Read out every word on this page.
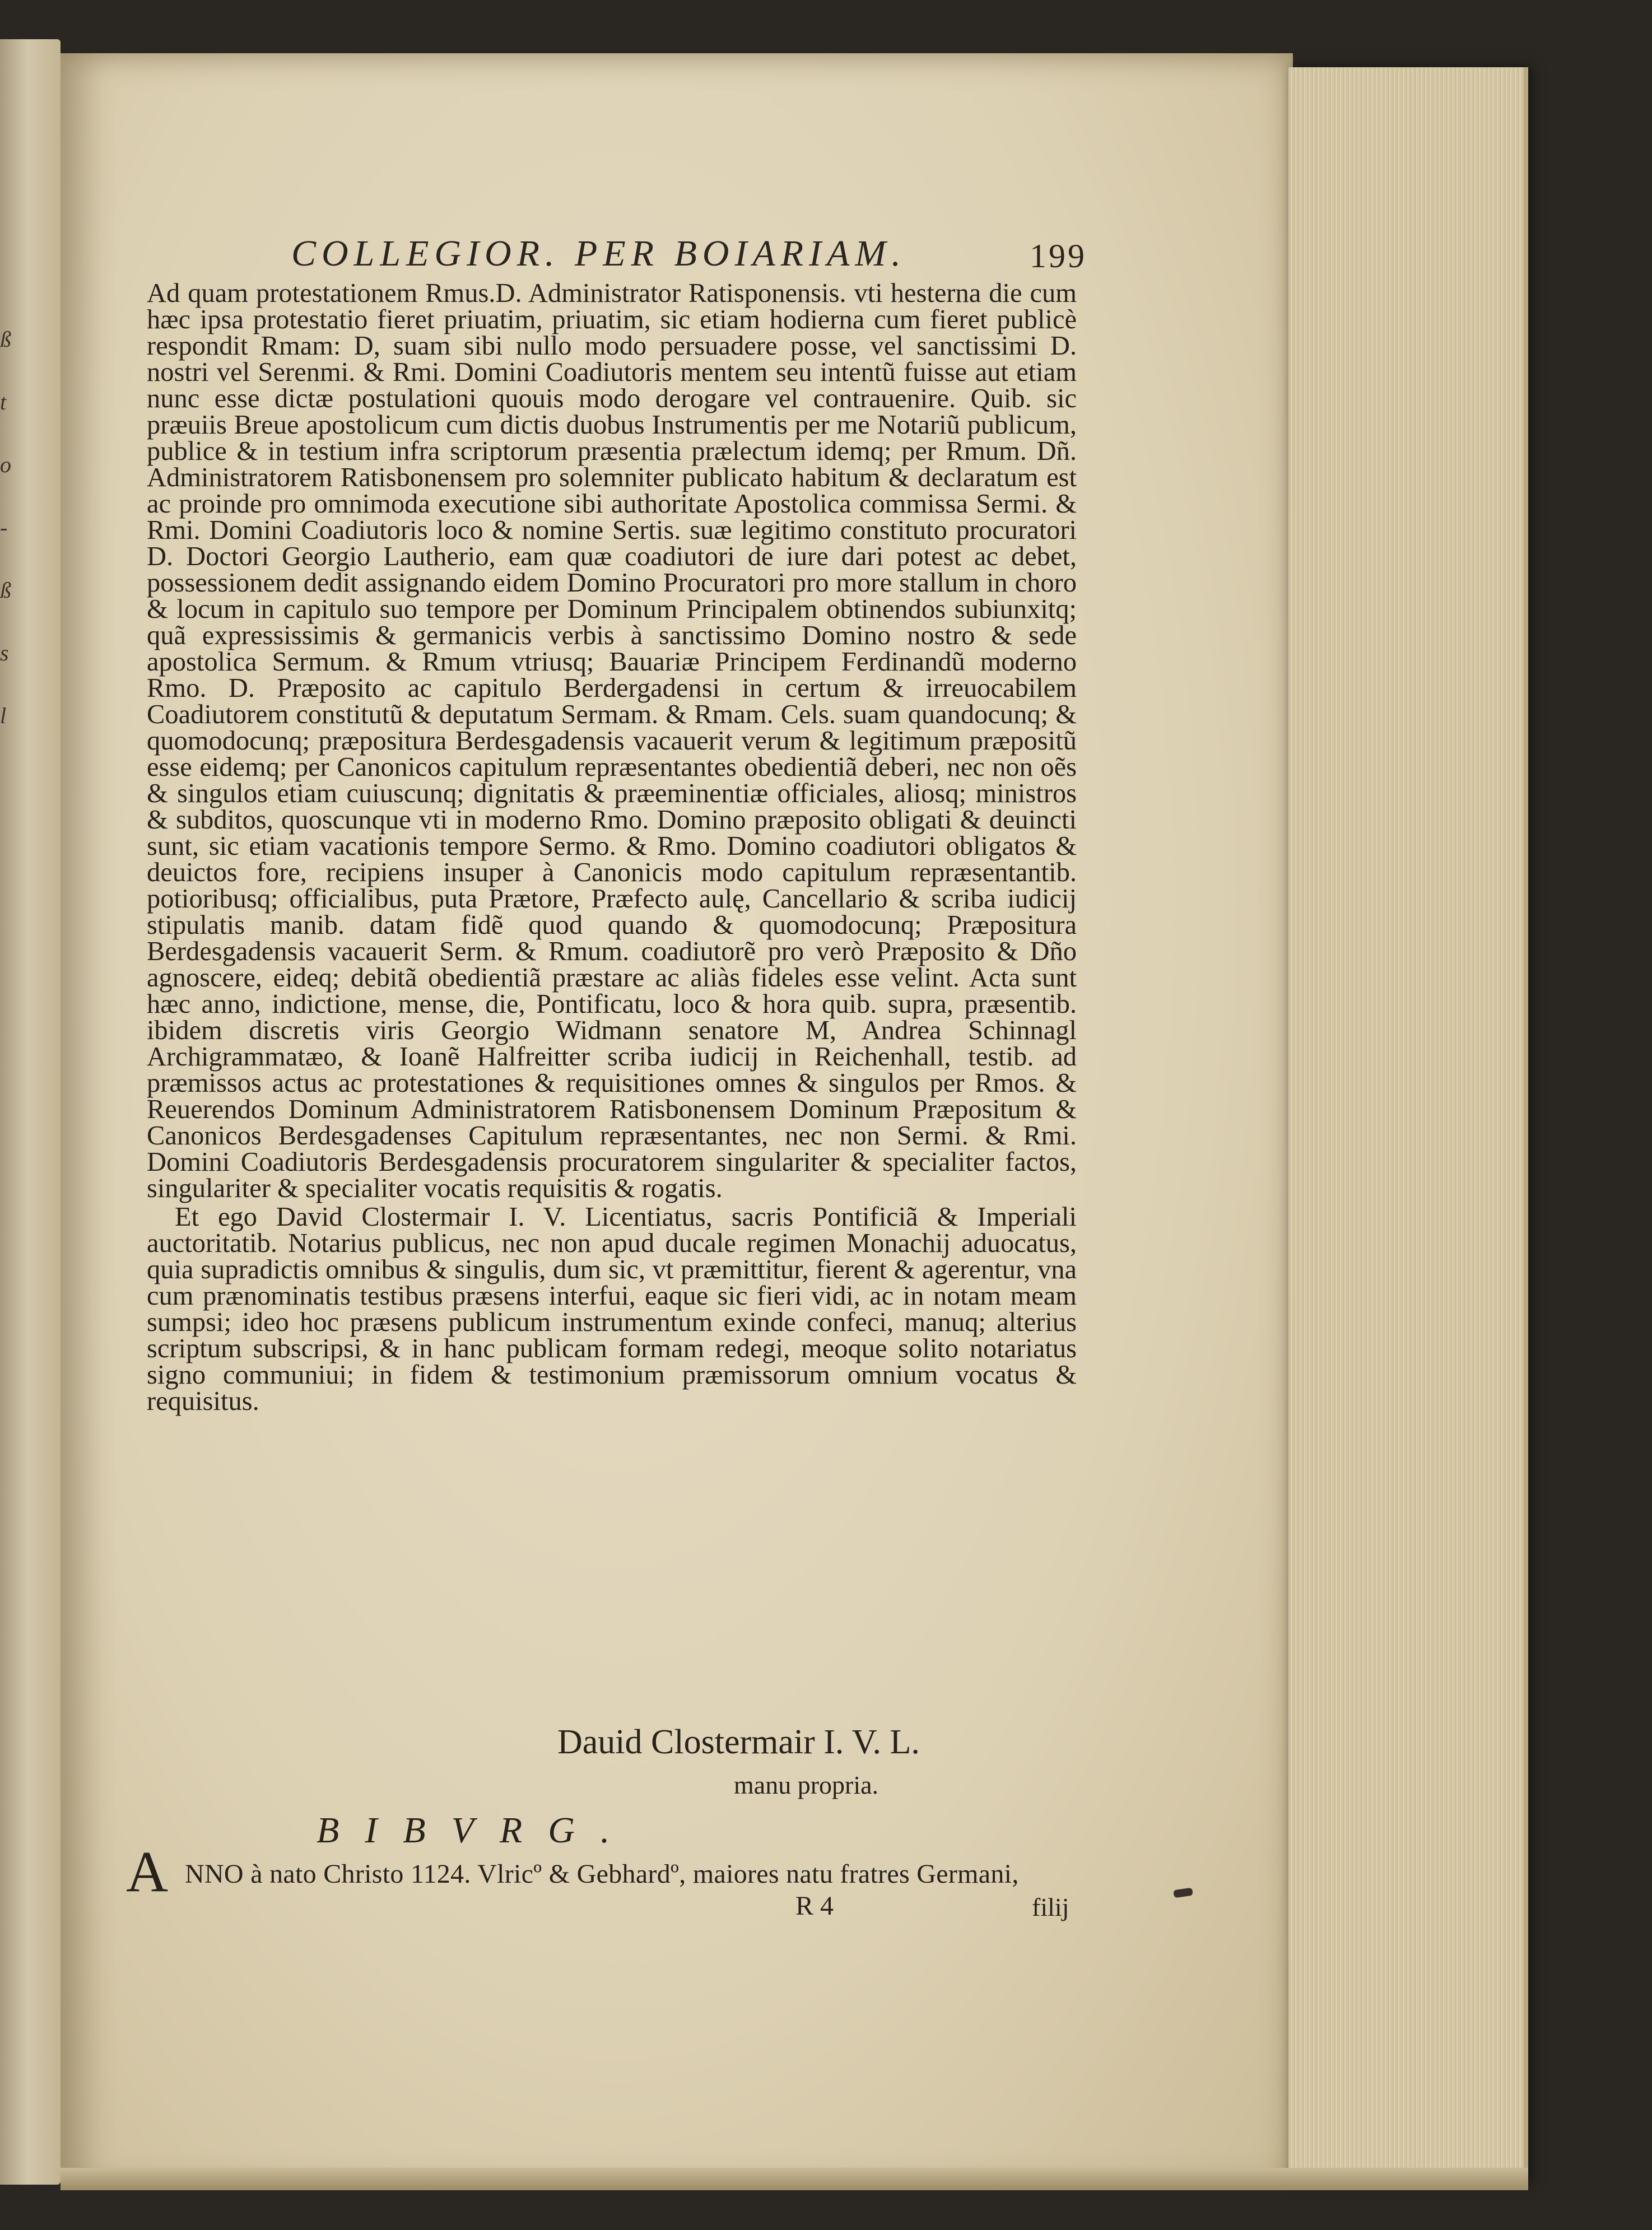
ß
t
o
-
ß
s
l
COLLEGIOR. PER BOIARIAM.	199

Ad quam protestationem Rmus.D. Administrator Ratisponensis. vti hesterna die cum hæc ipsa protestatio fieret priuatim, priuatim, sic etiam hodierna cum fieret publicè respondit Rmam: D, suam sibi nullo modo persuadere posse, vel sanctissimi D. nostri vel Serenmi. & Rmi. Domini Coadiutoris mentem seu intentũ fuisse aut etiam nunc esse dictæ postulationi quouis modo derogare vel contrauenire. Quib. sic præuiis Breue apostolicum cum dictis duobus Instrumentis per me Notariũ publicum, publice & in testium infra scriptorum præsentia prælectum idemq; per Rmum. Dñ. Administratorem Ratisbonensem pro solemniter publicato habitum & declaratum est ac proinde pro omnimoda executione sibi authoritate Apostolica commissa Sermi. & Rmi. Domini Coadiutoris loco & nomine Sertis. suæ legitimo constituto procuratori D. Doctori Georgio Lautherio, eam quæ coadiutori de iure dari potest ac debet, possessionem dedit assignando eidem Domino Procuratori pro more stallum in choro & locum in capitulo suo tempore per Dominum Principalem obtinendos subiunxitq; quã expressissimis & germanicis verbis à sanctissimo Domino nostro & sede apostolica Sermum. & Rmum vtriusq; Bauariæ Principem Ferdinandũ moderno Rmo. D. Præposito ac capitulo Berdergadensi in certum & irreuocabilem Coadiutorem constitutũ & deputatum Sermam. & Rmam. Cels. suam quandocunq; & quomodocunq; præpositura Berdesgadensis vacauerit verum & legitimum præpositũ esse eidemq; per Canonicos capitulum repræsentantes obedientiã deberi, nec non oẽs & singulos etiam cuiuscunq; dignitatis & præeminentiæ officiales, aliosq; ministros & subditos, quoscunque vti in moderno Rmo. Domino præposito obligati & deuincti sunt, sic etiam vacationis tempore Sermo. & Rmo. Domino coadiutori obligatos & deuictos fore, recipiens insuper à Canonicis modo capitulum repræsentantib. potioribusq; officialibus, puta Prætore, Præfecto aulę, Cancellario & scriba iudicij stipulatis manib. datam fidẽ quod quando & quomodocunq; Præpositura Berdesgadensis vacauerit Serm. & Rmum. coadiutorẽ pro verò Præposito & Dño agnoscere, eideq; debitã obedientiã præstare ac aliàs fideles esse velint. Acta sunt hæc anno, indictione, mense, die, Pontificatu, loco & hora quib. supra, præsentib. ibidem discretis viris Georgio Widmann senatore M, Andrea Schinnagl Archigrammatæo, & Ioanẽ Halfreitter scriba iudicij in Reichenhall, testib. ad præmissos actus ac protestationes & requisitiones omnes & singulos per Rmos. & Reuerendos Dominum Administratorem Ratisbonensem Dominum Præpositum & Canonicos Berdesgadenses Capitulum repræsentantes, nec non Sermi. & Rmi. Domini Coadiutoris Berdesgadensis procuratorem singulariter & specialiter factos, singulariter & specialiter vocatis requisitis & rogatis.

Et ego David Clostermair I. V. Licentiatus, sacris Pontificiã & Imperiali auctoritatib. Notarius publicus, nec non apud ducale regimen Monachij aduocatus, quia supradictis omnibus & singulis, dum sic, vt præmittitur, fierent & agerentur, vna cum prænominatis testibus præsens interfui, eaque sic fieri vidi, ac in notam meam sumpsi; ideo hoc præsens publicum instrumentum exinde confeci, manuq; alterius scriptum subscripsi, & in hanc publicam formam redegi, meoque solito notariatus signo communiui; in fidem & testimonium præmissorum omnium vocatus & requisitus.

Dauid Clostermair I. V. L.
manu propria.
BIBVRG.
A NNO à nato Christo 1124. Vlricº & Gebhardº, maiores natu fratres Germani,
R 4	filij
